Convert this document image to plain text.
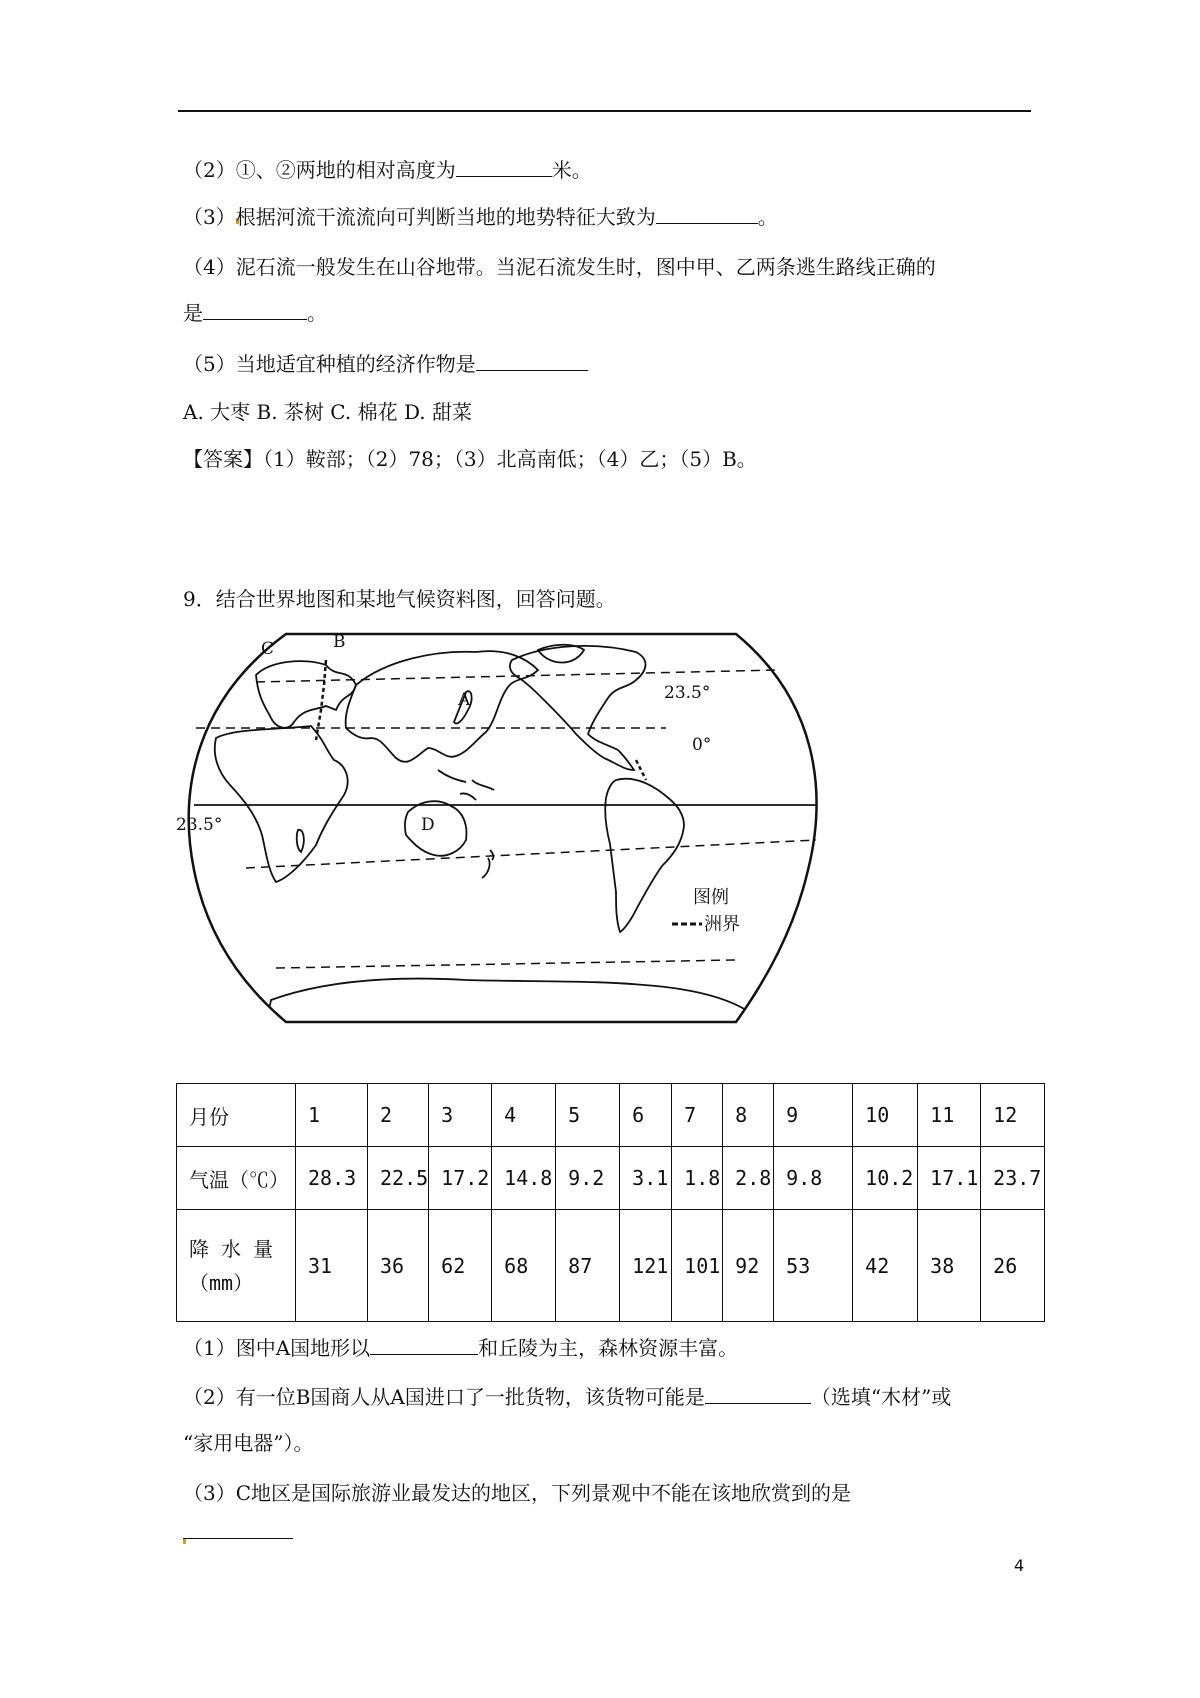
（2）①、②两地的相对高度为	米。
（3）根据河流干流流向可判断当地的地势特征大致为	。
（4）泥石流一般发生在山谷地带。当泥石流发生时，图中甲、乙两条逃生路线正确的
是	。
（5）当地适宜种植的经济作物是
A. 大枣 B. 茶树 C. 棉花 D. 甜菜
【答案】（1）鞍部；（2）78；（3）北高南低；（4）乙；（5）B。
9．结合世界地图和某地气候资料图，回答问题。
A
B
C
D
23.5°
0°
23.5°
图例
洲界
月份	1	2	3	4	5	6	7	8	9	10	11	12
气温（℃）	28.3	22.5	17.2	14.8	9.2	3.1	1.8	2.8	9.8	10.2	17.1	23.7

降 水 量
（mm）	31	36	62	68	87	121	101	92	53	42	38	26
（1）图中A国地形以	和丘陵为主，森林资源丰富。
（2）有一位B国商人从A国进口了一批货物，该货物可能是	（选填“木材”或
“家用电器”）。
（3）C地区是国际旅游业最发达的地区，下列景观中不能在该地欣赏到的是
4
